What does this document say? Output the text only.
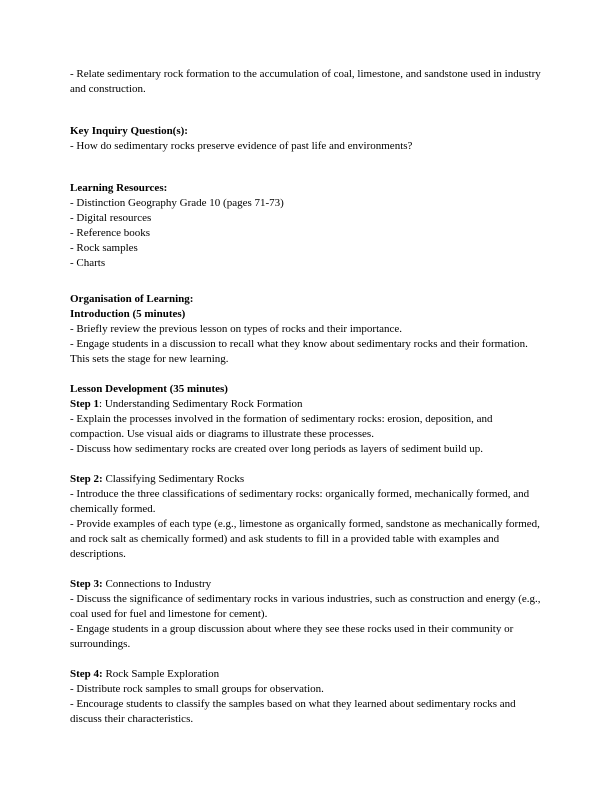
- Relate sedimentary rock formation to the accumulation of coal, limestone, and sandstone used in industry and construction.

Key Inquiry Question(s):

- How do sedimentary rocks preserve evidence of past life and environments?

Learning Resources:

- Distinction Geography Grade 10 (pages 71-73)

- Digital resources

- Reference books

- Rock samples

- Charts

Organisation of Learning:

Introduction (5 minutes)

- Briefly review the previous lesson on types of rocks and their importance.

- Engage students in a discussion to recall what they know about sedimentary rocks and their formation. This sets the stage for new learning.

Lesson Development (35 minutes)

Step 1: Understanding Sedimentary Rock Formation

- Explain the processes involved in the formation of sedimentary rocks: erosion, deposition, and compaction. Use visual aids or diagrams to illustrate these processes.

- Discuss how sedimentary rocks are created over long periods as layers of sediment build up.

Step 2: Classifying Sedimentary Rocks

- Introduce the three classifications of sedimentary rocks: organically formed, mechanically formed, and chemically formed.

- Provide examples of each type (e.g., limestone as organically formed, sandstone as mechanically formed, and rock salt as chemically formed) and ask students to fill in a provided table with examples and descriptions.

Step 3: Connections to Industry

- Discuss the significance of sedimentary rocks in various industries, such as construction and energy (e.g., coal used for fuel and limestone for cement).

- Engage students in a group discussion about where they see these rocks used in their community or surroundings.

Step 4: Rock Sample Exploration

- Distribute rock samples to small groups for observation.

- Encourage students to classify the samples based on what they learned about sedimentary rocks and discuss their characteristics.
